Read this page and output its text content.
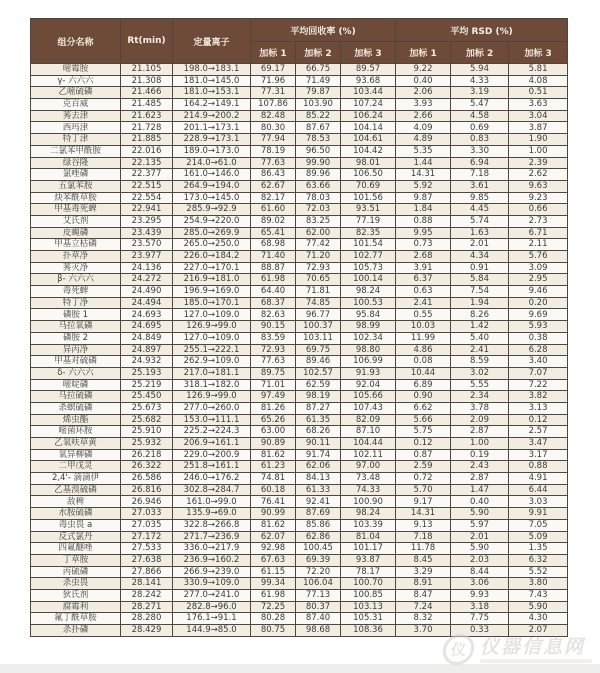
组分名称	Rt(min)	定量离子	平均回收率 (%)			平均 RSD (%)		
			加标 1	加标 2	加标 3	加标 1	加标 2	加标 3
嘧霉胺	21.105	198.0→183.1	69.17	66.75	89.57	9.22	5.94	5.81
γ- 六六六	21.308	181.0→145.0	71.96	71.49	93.68	0.40	4.33	4.08
乙嘧硫磷	21.466	181.0→153.1	77.31	79.87	103.44	2.06	3.19	0.51
克百威	21.485	164.2→149.1	107.86	103.90	107.24	3.93	5.47	3.63
莠去津	21.623	214.9→200.2	82.48	85.22	106.24	2.66	4.58	3.04
西玛津	21.728	201.1→173.1	80.30	87.67	104.14	4.09	0.69	3.87
特丁津	21.885	228.9→173.1	77.94	78.53	104.61	4.89	0.83	1.90
二氯苯甲酰胺	22.016	189.0→173.0	78.19	96.50	104.42	5.35	3.30	1.00
绿谷隆	22.135	214.0→61.0	77.63	99.90	98.01	1.44	6.94	2.39
氯唑磷	22.377	161.0→146.0	86.43	89.96	106.50	14.31	7.18	2.62
五氯苯胺	22.515	264.9→194.0	62.67	63.66	70.69	5.92	3.61	9.63
炔苯酰草胺	22.554	173.0→145.0	82.17	78.03	101.56	9.87	9.85	9.23
甲基毒死蜱	22.941	285.9→92.9	61.60	72.03	93.51	1.84	4.45	0.66
艾氏剂	23.295	254.9→220.0	89.02	83.25	77.19	0.88	5.74	2.73
皮蝇磷	23.439	285.0→269.9	65.41	62.00	82.35	9.95	1.63	6.71
甲基立枯磷	23.570	265.0→250.0	68.98	77.42	101.54	0.73	2.01	2.11
扑草净	23.977	226.0→184.2	71.40	71.20	102.77	2.68	4.34	5.76
莠灭净	24.136	227.0→170.1	88.87	72.93	105.73	3.91	0.91	3.09
β- 六六六	24.272	216.9→181.0	61.98	70.65	100.14	6.37	5.84	2.95
毒死蜱	24.490	196.9→169.0	64.40	71.81	98.24	0.63	7.54	9.46
特丁净	24.494	185.0→170.1	68.37	74.85	100.53	2.41	1.94	0.20
磷胺 1	24.693	127.0→109.0	82.63	96.77	95.84	0.55	8.26	9.69
马拉氧磷	24.695	126.9→99.0	90.15	100.37	98.99	10.03	1.42	5.93
磷胺 2	24.849	127.0→109.0	83.59	103.11	102.34	11.99	5.40	0.38
异丙净	24.897	255.1→222.1	72.93	69.75	98.80	4.86	2.41	6.28
甲基对硫磷	24.932	262.9→109.0	77.63	89.46	106.99	0.08	8.59	3.40
δ- 六六六	25.193	217.0→181.1	89.75	102.57	91.93	10.44	3.02	7.07
嘧啶磷	25.219	318.1→182.0	71.01	62.59	92.04	6.89	5.55	7.22
马拉硫磷	25.450	126.9→99.0	97.49	98.19	105.66	0.90	2.34	3.82
杀螟硫磷	25.673	277.0→260.0	81.26	87.27	107.43	6.62	3.78	3.13
烯虫酯	25.682	153.0→111.1	65.26	61.35	82.09	5.66	2.09	0.12
嘧菌环胺	25.910	225.2→224.3	63.00	68.26	87.10	5.75	2.87	2.57
乙氧呋草黄	25.932	206.9→161.1	90.89	90.11	104.44	0.12	1.00	3.47
氧异柳磷	26.218	229.0→200.9	81.62	91.74	102.11	0.87	0.19	3.17
二甲戊灵	26.322	251.8→161.1	61.23	62.06	97.00	2.59	2.43	0.88
2,4'- 滴滴伊	26.586	246.0→176.2	74.81	84.13	73.48	0.72	2.87	4.91
乙基溴硫磷	26.816	302.8→284.7	60.18	61.33	74.33	5.70	1.47	6.44
敌稗	26.946	161.0→99.0	76.41	92.41	100.90	9.17	0.40	3.03
水胺硫磷	27.033	135.9→69.0	90.99	87.69	98.24	14.31	5.90	9.91
毒虫畏 a	27.035	322.8→266.8	81.62	85.86	103.39	9.13	5.97	7.05
反式氯丹	27.172	271.7→236.9	62.07	62.86	81.04	7.18	2.01	5.09
四氟醚唑	27.533	336.0→217.9	92.98	100.45	101.17	11.78	5.90	1.35
丁草胺	27.638	236.9→160.2	67.63	69.39	93.87	8.45	2.03	6.32
丙硫磷	27.866	266.9→239.0	61.15	72.20	78.17	3.29	8.44	5.52
杀虫畏	28.141	330.9→109.0	99.34	106.04	100.70	8.91	3.06	3.80
狄氏剂	28.242	277.0→241.0	61.98	77.13	100.85	8.47	9.93	7.43
腐霉利	28.271	282.8→96.0	72.25	80.37	103.13	7.24	3.18	5.90
氟丁酰草胺	28.280	176.1→91.1	80.28	87.40	105.31	8.32	7.75	4.30
杀扑磷	28.429	144.9→85.0	80.75	98.68	108.36	3.70	0.33	2.07
仪 仪器信息网
